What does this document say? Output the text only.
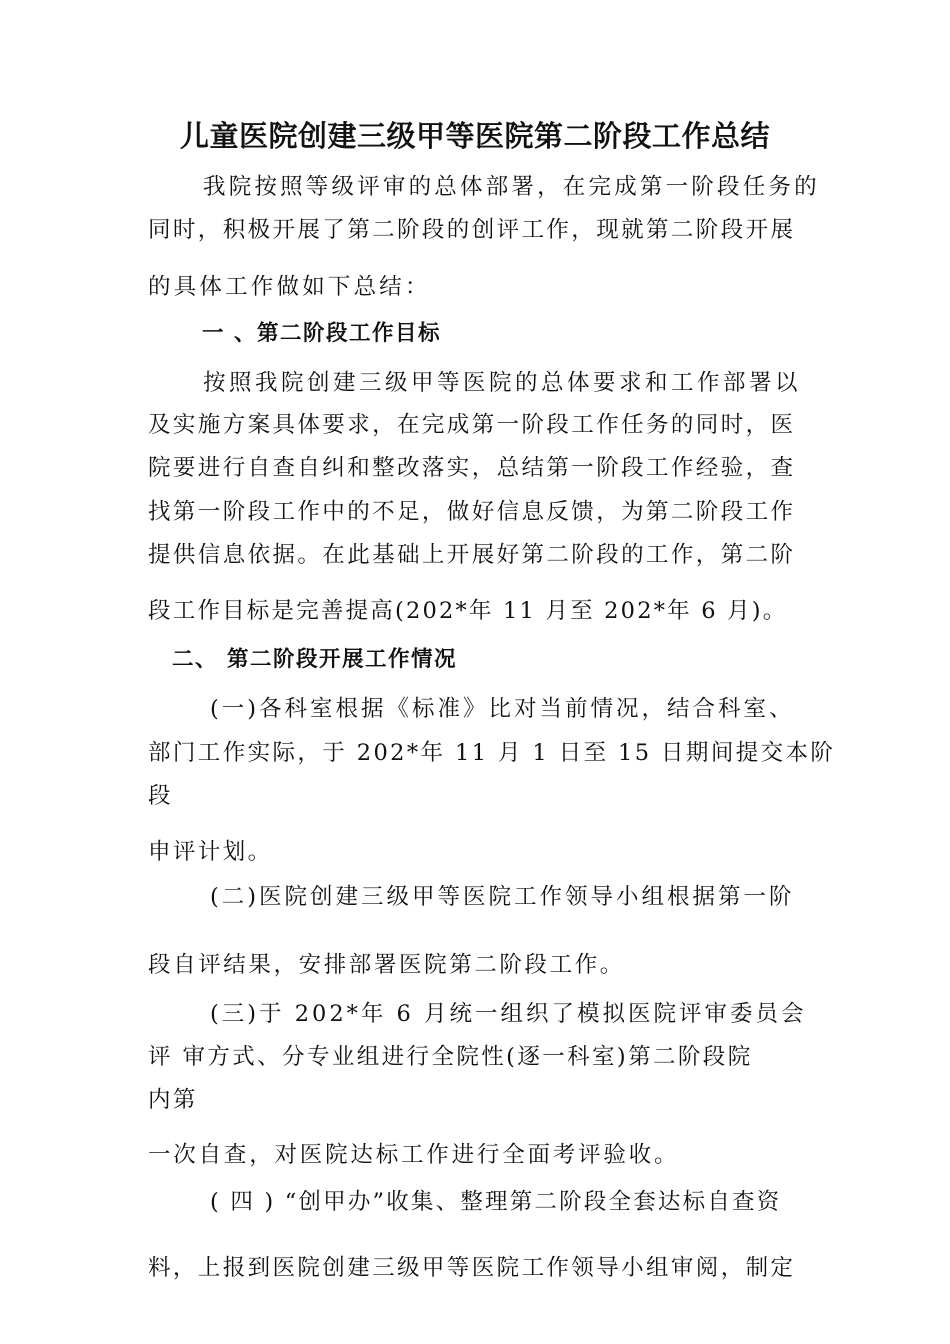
儿童医院创建三级甲等医院第二阶段工作总结
我院按照等级评审的总体部署，在完成第一阶段任务的
同时，积极开展了第二阶段的创评工作，现就第二阶段开展
的具体工作做如下总结：
一 、第二阶段工作目标
按照我院创建三级甲等医院的总体要求和工作部署以
及实施方案具体要求，在完成第一阶段工作任务的同时，医
院要进行自查自纠和整改落实，总结第一阶段工作经验，查
找第一阶段工作中的不足，做好信息反馈，为第二阶段工作
提供信息依据。在此基础上开展好第二阶段的工作，第二阶
段工作目标是完善提高(202*年 11 月至 202*年 6 月)。
二、 第二阶段开展工作情况
(一)各科室根据《标准》比对当前情况，结合科室、
部门工作实际，于 202*年 11 月 1 日至 15 日期间提交本阶
段
申评计划。
(二)医院创建三级甲等医院工作领导小组根据第一阶
段自评结果，安排部署医院第二阶段工作。
(三)于 202*年 6 月统一组织了模拟医院评审委员会
评 审方式、分专业组进行全院性(逐一科室)第二阶段院
内第
一次自查，对医院达标工作进行全面考评验收。
( 四 ) “创甲办”收集、整理第二阶段全套达标自查资
料，上报到医院创建三级甲等医院工作领导小组审阅，制定
